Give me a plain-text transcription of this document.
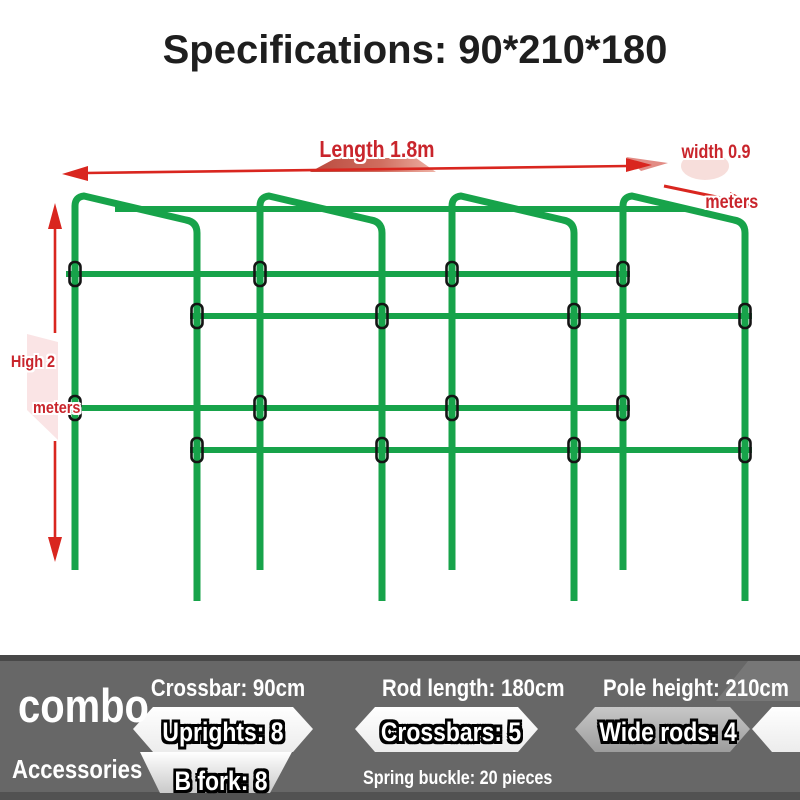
Specifications: 90*210*180
Length 1.8m	width 0.9

meters
High 2

meters
combo
Accessories
Crossbar: 90cm	Rod length: 180cm Pole height: 210cm
Uprights: 8	Crossbars: 5	Wide rods: 4
B fork: 8	Spring buckle: 20 pieces
